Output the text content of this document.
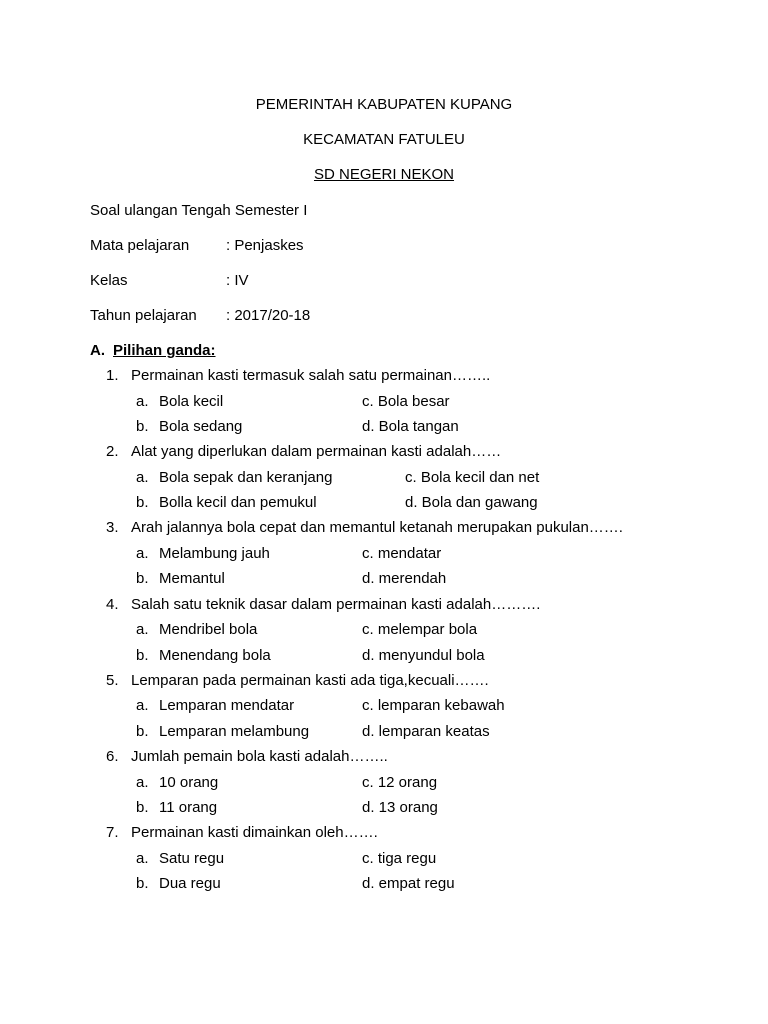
PEMERINTAH KABUPATEN KUPANG
KECAMATAN FATULEU
SD NEGERI NEKON
Soal ulangan Tengah Semester I
Mata pelajaran : Penjaskes
Kelas	: IV
Tahun pelajaran : 2017/20-18
A. Pilihan ganda:
1. Permainan kasti termasuk salah satu permainan……..
a. Bola kecil	c. Bola besar
b. Bola sedang	d. Bola tangan
2. Alat yang diperlukan dalam permainan kasti adalah……
a. Bola sepak dan keranjang	c. Bola kecil dan net
b. Bolla kecil dan pemukul	d. Bola dan gawang
3. Arah jalannya bola cepat dan memantul ketanah merupakan pukulan…….
a. Melambung jauh	c. mendatar
b. Memantul	d. merendah
4. Salah satu teknik dasar dalam permainan kasti adalah……….
a. Mendribel bola	c. melempar bola
b. Menendang bola	d. menyundul bola
5. Lemparan pada permainan kasti ada tiga,kecuali…….
a. Lemparan mendatar	c. lemparan kebawah
b. Lemparan melambung	d. lemparan keatas
6. Jumlah pemain bola kasti adalah……..
a. 10 orang	c. 12 orang
b. 11 orang	d. 13 orang
7. Permainan kasti dimainkan oleh…….
a. Satu regu	c. tiga regu
b. Dua regu	d. empat regu
